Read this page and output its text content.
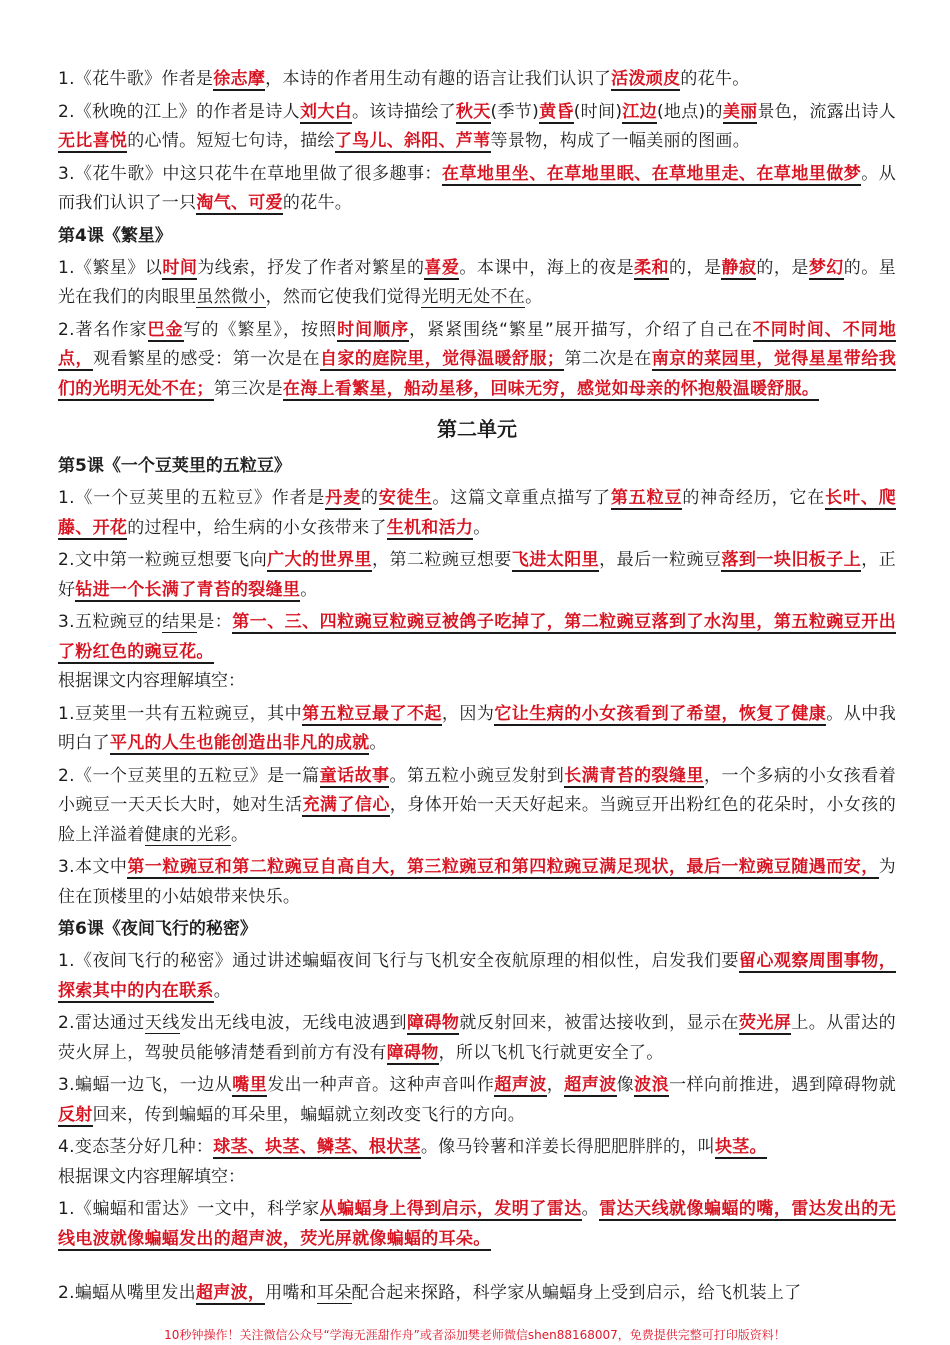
1.《花牛歌》作者是徐志摩，本诗的作者用生动有趣的语言让我们认识了活泼顽皮的花牛。
2.《秋晚的江上》的作者是诗人刘大白。该诗描绘了秋天(季节)黄昏(时间)江边(地点)的美丽景色，流露出诗人无比喜悦的心情。短短七句诗，描绘了鸟儿、斜阳、芦苇等景物，构成了一幅美丽的图画。
3.《花牛歌》中这只花牛在草地里做了很多趣事：在草地里坐、在草地里眠、在草地里走、在草地里做梦。从而我们认识了一只淘气、可爱的花牛。
第4课《繁星》
1.《繁星》以时间为线索，抒发了作者对繁星的喜爱。本课中，海上的夜是柔和的，是静寂的，是梦幻的。星光在我们的肉眼里虽然微小，然而它使我们觉得光明无处不在。
2.著名作家巴金写的《繁星》，按照时间顺序，紧紧围绕“繁星”展开描写，介绍了自己在不同时间、不同地点，观看繁星的感受：第一次是在自家的庭院里，觉得温暖舒服；第二次是在南京的菜园里，觉得星星带给我们的光明无处不在；第三次是在海上看繁星，船动星移，回味无穷，感觉如母亲的怀抱般温暖舒服。
第二单元
第5课《一个豆荚里的五粒豆》
1.《一个豆荚里的五粒豆》作者是丹麦的安徒生。这篇文章重点描写了第五粒豆的神奇经历，它在长叶、爬藤、开花的过程中，给生病的小女孩带来了生机和活力。
2.文中第一粒豌豆想要飞向广大的世界里，第二粒豌豆想要飞进太阳里，最后一粒豌豆落到一块旧板子上，正好钻进一个长满了青苔的裂缝里。
3.五粒豌豆的结果是：第一、三、四粒豌豆粒豌豆被鸽子吃掉了，第二粒豌豆落到了水沟里，第五粒豌豆开出了粉红色的豌豆花。
根据课文内容理解填空：
1.豆荚里一共有五粒豌豆，其中第五粒豆最了不起，因为它让生病的小女孩看到了希望，恢复了健康。从中我明白了平凡的人生也能创造出非凡的成就。
2.《一个豆荚里的五粒豆》是一篇童话故事。第五粒小豌豆发射到长满青苔的裂缝里，一个多病的小女孩看着小豌豆一天天长大时，她对生活充满了信心，身体开始一天天好起来。当豌豆开出粉红色的花朵时，小女孩的脸上洋溢着健康的光彩。
3.本文中第一粒豌豆和第二粒豌豆自高自大，第三粒豌豆和第四粒豌豆满足现状，最后一粒豌豆随遇而安，为住在顶楼里的小姑娘带来快乐。
第6课《夜间飞行的秘密》
1.《夜间飞行的秘密》通过讲述蝙蝠夜间飞行与飞机安全夜航原理的相似性，启发我们要留心观察周围事物，探索其中的内在联系。
2.雷达通过天线发出无线电波，无线电波遇到障碍物就反射回来，被雷达接收到，显示在荧光屏上。从雷达的荧火屏上，驾驶员能够清楚看到前方有没有障碍物，所以飞机飞行就更安全了。
3.蝙蝠一边飞，一边从嘴里发出一种声音。这种声音叫作超声波，超声波像波浪一样向前推进，遇到障碍物就反射回来，传到蝙蝠的耳朵里，蝙蝠就立刻改变飞行的方向。
4.变态茎分好几种：球茎、块茎、鳞茎、根状茎。像马铃薯和洋姜长得肥肥胖胖的，叫块茎。
根据课文内容理解填空：
1.《蝙蝠和雷达》一文中，科学家从蝙蝠身上得到启示，发明了雷达。雷达天线就像蝙蝠的嘴，雷达发出的无线电波就像蝙蝠发出的超声波，荧光屏就像蝙蝠的耳朵。
2.蝙蝠从嘴里发出超声波，用嘴和耳朵配合起来探路，科学家从蝙蝠身上受到启示，给飞机装上了
10秒钟操作！关注微信公众号“学海无涯甜作舟”或者添加樊老师微信shen88168007，免费提供完整可打印版资料！
